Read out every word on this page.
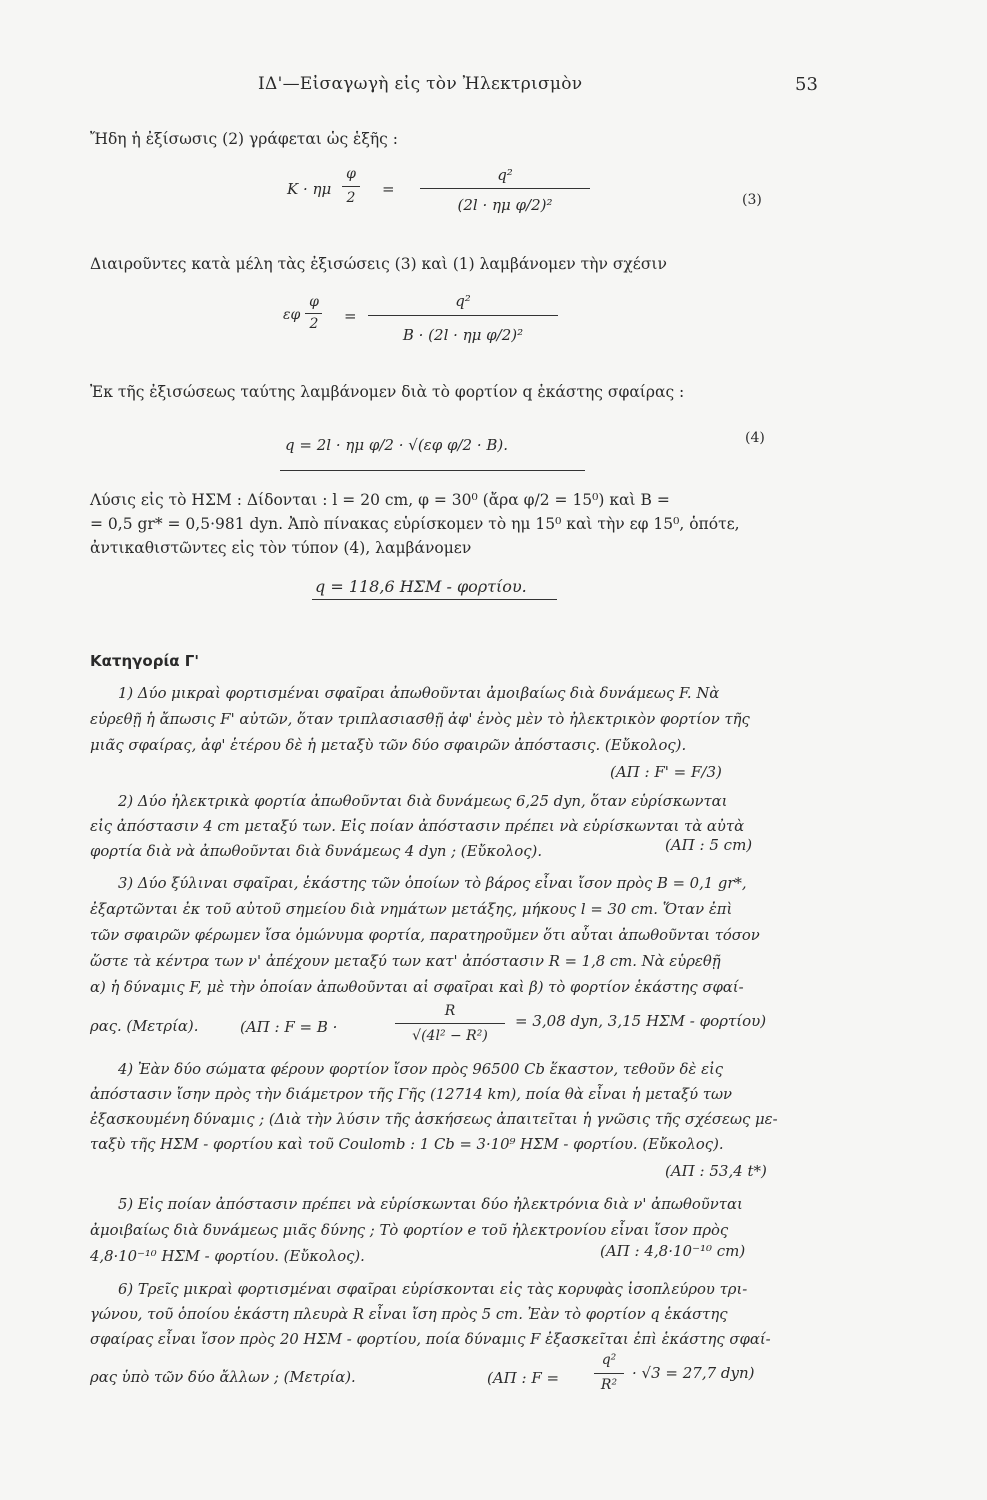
ΙΔ'—Εἰσαγωγὴ εἰς τὸν Ἠλεκτρισμὸν	53
Ἤδη ἡ ἐξίσωσις (2) γράφεται ὡς ἑξῆς :
K · ημ
φ
2	=
q²
(2l · ημ φ/2)²	(3)
Διαιροῦντες κατὰ μέλη τὰς ἐξισώσεις (3) καὶ (1) λαμβάνομεν τὴν σχέσιν
εφ
φ
2	=
q²
B · (2l · ημ φ/2)²
Ἐκ τῆς ἐξισώσεως ταύτης λαμβάνομεν διὰ τὸ φορτίον q ἑκάστης σφαίρας :
q = 2l · ημ φ/2 · √(εφ φ/2 · B).	(4)
Λύσις εἰς τὸ ΗΣΜ : Δίδονται : l = 20 cm, φ = 30⁰ (ἄρα φ/2 = 15⁰) καὶ B =
= 0,5 gr* = 0,5·981 dyn. Ἀπὸ πίνακας εὑρίσκομεν τὸ ημ 15⁰ καὶ τὴν εφ 15⁰, ὁπότε,
ἀντικαθιστῶντες εἰς τὸν τύπον (4), λαμβάνομεν
q = 118,6 ΗΣΜ - φορτίου.
Κατηγορία Γ'
1) Δύο μικραὶ φορτισμέναι σφαῖραι ἀπωθοῦνται ἀμοιβαίως διὰ δυνάμεως F. Νὰ
εὑρεθῇ ἡ ἄπωσις F' αὐτῶν, ὅταν τριπλασιασθῇ ἀφ' ἑνὸς μὲν τὸ ἠλεκτρικὸν φορτίον τῆς
μιᾶς σφαίρας, ἀφ' ἑτέρου δὲ ἡ μεταξὺ τῶν δύο σφαιρῶν ἀπόστασις. (Εὔκολος).
(ΑΠ : F' = F/3)
2) Δύο ἠλεκτρικὰ φορτία ἀπωθοῦνται διὰ δυνάμεως 6,25 dyn, ὅταν εὑρίσκωνται
εἰς ἀπόστασιν 4 cm μεταξύ των. Εἰς ποίαν ἀπόστασιν πρέπει νὰ εὑρίσκωνται τὰ αὐτὰ
φορτία διὰ νὰ ἀπωθοῦνται διὰ δυνάμεως 4 dyn ; (Εὔκολος).	(ΑΠ : 5 cm)
3) Δύο ξύλιναι σφαῖραι, ἑκάστης τῶν ὁποίων τὸ βάρος εἶναι ἴσον πρὸς B = 0,1 gr*,
ἐξαρτῶνται ἐκ τοῦ αὐτοῦ σημείου διὰ νημάτων μετάξης, μήκους l = 30 cm. Ὅταν ἐπὶ
τῶν σφαιρῶν φέρωμεν ἴσα ὁμώνυμα φορτία, παρατηροῦμεν ὅτι αὗται ἀπωθοῦνται τόσον
ὥστε τὰ κέντρα των ν' ἀπέχουν μεταξύ των κατ' ἀπόστασιν R = 1,8 cm. Νὰ εὑρεθῇ
α) ἡ δύναμις F, μὲ τὴν ὁποίαν ἀπωθοῦνται αἱ σφαῖραι καὶ β) τὸ φορτίον ἑκάστης σφαί-
ρας. (Μετρία).	(ΑΠ : F = B ·
R
√(4l² − R²)
= 3,08 dyn, 3,15 ΗΣΜ - φορτίου)
4) Ἐὰν δύο σώματα φέρουν φορτίον ἴσον πρὸς 96500 Cb ἕκαστον, τεθοῦν δὲ εἰς
ἀπόστασιν ἴσην πρὸς τὴν διάμετρον τῆς Γῆς (12714 km), ποία θὰ εἶναι ἡ μεταξύ των
ἐξασκουμένη δύναμις ; (Διὰ τὴν λύσιν τῆς ἀσκήσεως ἀπαιτεῖται ἡ γνῶσις τῆς σχέσεως με-
ταξὺ τῆς ΗΣΜ - φορτίου καὶ τοῦ Coulomb : 1 Cb = 3·10⁹ ΗΣΜ - φορτίου. (Εὔκολος).
(ΑΠ : 53,4 t*)
5) Εἰς ποίαν ἀπόστασιν πρέπει νὰ εὑρίσκωνται δύο ἠλεκτρόνια διὰ ν' ἀπωθοῦνται
ἀμοιβαίως διὰ δυνάμεως μιᾶς δύνης ; Τὸ φορτίον e τοῦ ἠλεκτρονίου εἶναι ἴσον πρὸς
4,8·10⁻¹⁰ ΗΣΜ - φορτίου. (Εὔκολος).	(ΑΠ : 4,8·10⁻¹⁰ cm)
6) Τρεῖς μικραὶ φορτισμέναι σφαῖραι εὑρίσκονται εἰς τὰς κορυφὰς ἰσοπλεύρου τρι-
γώνου, τοῦ ὁποίου ἑκάστη πλευρὰ R εἶναι ἴση πρὸς 5 cm. Ἐὰν τὸ φορτίον q ἑκάστης
σφαίρας εἶναι ἴσον πρὸς 20 ΗΣΜ - φορτίου, ποία δύναμις F ἐξασκεῖται ἐπὶ ἑκάστης σφαί-
ρας ὑπὸ τῶν δύο ἄλλων ; (Μετρία).	(ΑΠ : F =
q²
R²
· √3 = 27,7 dyn)
